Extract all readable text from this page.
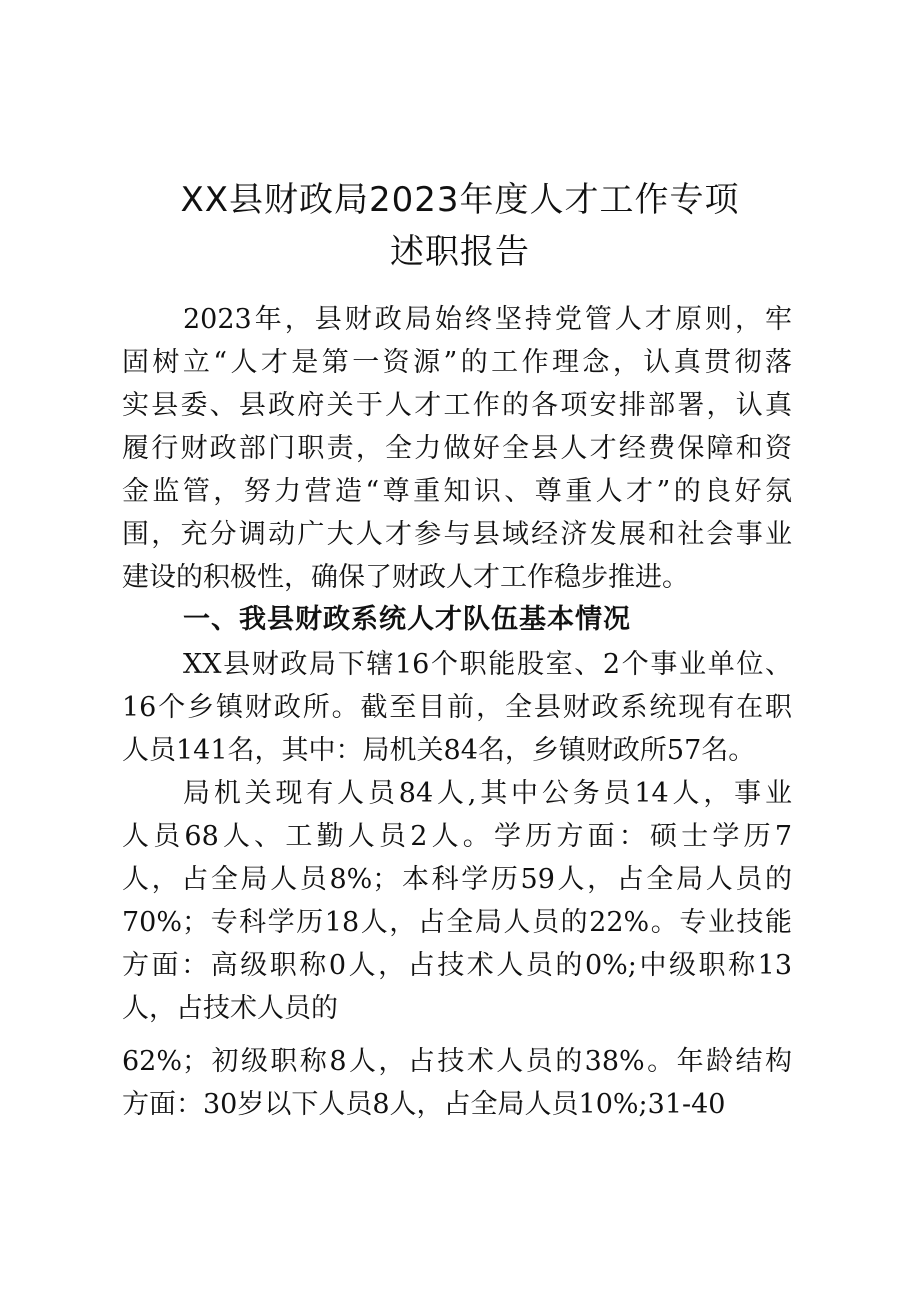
XX县财政局2023年度人才工作专项
述职报告
2023年，县财政局始终坚持党管人才原则，牢
固树立“人才是第一资源”的工作理念，认真贯彻落
实县委、县政府关于人才工作的各项安排部署，认真
履行财政部门职责，全力做好全县人才经费保障和资
金监管，努力营造“尊重知识、尊重人才”的良好氛
围，充分调动广大人才参与县域经济发展和社会事业
建设的积极性，确保了财政人才工作稳步推进。
一、我县财政系统人才队伍基本情况
XX县财政局下辖16个职能股室、2个事业单位、
16个乡镇财政所。截至目前，全县财政系统现有在职
人员141名，其中：局机关84名，乡镇财政所57名。
局机关现有人员84人,其中公务员14人，事业
人员68人、工勤人员2人。学历方面：硕士学历7
人，占全局人员8%；本科学历59人，占全局人员的
70%；专科学历18人，占全局人员的22%。专业技能
方面：高级职称0人，占技术人员的0%;中级职称13
人，占技术人员的
62%；初级职称8人，占技术人员的38%。年龄结构
方面：30岁以下人员8人，占全局人员10%;31-40
